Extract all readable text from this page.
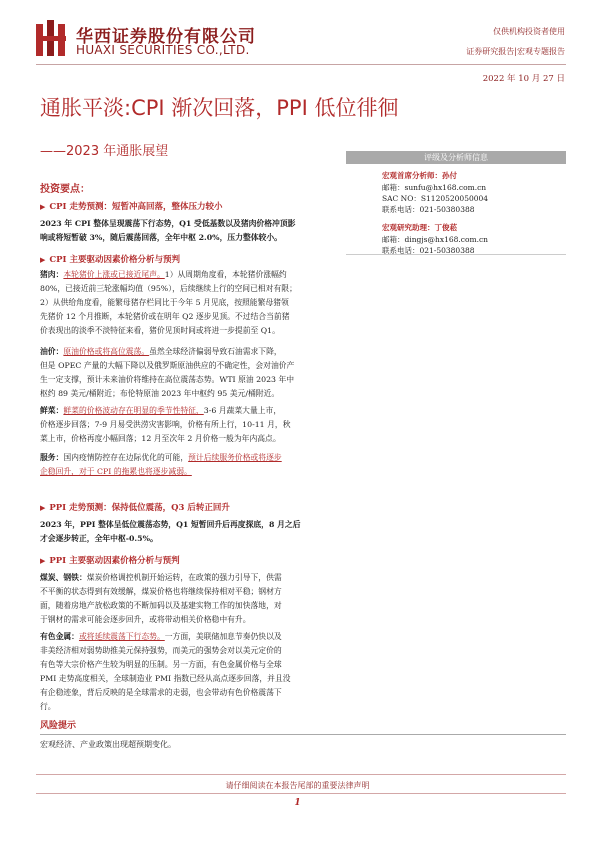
华西证券股份有限公司
HUAXI SECURITIES CO.,LTD.
仅供机构投资者使用
证券研究报告|宏观专题报告
2022 年 10 月 27 日
通胀平淡:CPI 渐次回落，PPI 低位徘徊
——2023 年通胀展望	评级及分析师信息
宏观首席分析师：孙付
邮箱：sunfu@hx168.com.cn
SAC NO：S1120520050004
联系电话：021-50380388
宏观研究助理：丁俊菘
邮箱：dingjs@hx168.com.cn
联系电话：021-50380388
投资要点：
▶ CPI 走势预测：短暂冲高回落，整体压力较小

2023 年 CPI 整体呈现震荡下行态势，Q1 受低基数以及猪肉价格冲顶影

响或将短暂破 3%，随后震荡回落，全年中枢 2.0%，压力整体较小。

▶ CPI 主要驱动因素价格分析与预判

猪肉：本轮猪价上涨或已接近尾声。1）从周期角度看，本轮猪价涨幅约

80%，已接近前三轮涨幅均值（95%），后续继续上行的空间已相对有限；

2）从供给角度看，能繁母猪存栏同比于今年 5 月见底，按照能繁母猪领

先猪价 12 个月推断，本轮猪价或在明年 Q2 逐步见顶。不过结合当前猪

价表现出的淡季不淡特征来看，猪价见顶时间或将进一步提前至 Q1。

油价：原油价格或将高位震荡。虽然全球经济偏弱导致石油需求下降，

但是 OPEC 产量的大幅下降以及俄罗斯原油供应的不确定性，会对油价产

生一定支撑，预计未来油价将维持在高位震荡态势。WTI 原油 2023 年中

枢约 89 美元/桶附近；布伦特原油 2023 年中枢约 95 美元/桶附近。

鲜菜：鲜菜的价格波动存在明显的季节性特征，3-6 月蔬菜大量上市，

价格逐步回落；7-9 月易受洪涝灾害影响，价格有所上行，10-11 月，秋

菜上市，价格再度小幅回落；12 月至次年 2 月价格一般为年内高点。

服务：国内疫情防控存在边际优化的可能，预计后续服务价格或将逐步

企稳回升，对于 CPI 的拖累也将逐步减弱。

▶ PPI 走势预测：保持低位震荡，Q3 后转正回升

2023 年，PPI 整体呈低位震荡态势，Q1 短暂回升后再度探底，8 月之后

才会逐步转正，全年中枢-0.5%。

▶ PPI 主要驱动因素价格分析与预判

煤炭、钢铁：煤炭价格调控机制开始运转，在政策的强力引导下，供需

不平衡的状态得到有效缓解，煤炭价格也将继续保持相对平稳；钢材方

面，随着房地产放松政策的不断加码以及基建实物工作的加快落地，对

于钢材的需求可能会逐步回升，或将带动相关价格稳中有升。

有色金属：或将延续震荡下行态势。一方面，美联储加息节奏仍快以及

非美经济相对弱势助推美元保持强势，而美元的强势会对以美元定价的

有色等大宗价格产生较为明显的压制。另一方面，有色金属价格与全球

PMI 走势高度相关，全球制造业 PMI 指数已经从高点逐步回落，并且没

有企稳迹象，背后反映的是全球需求的走弱，也会带动有色价格震荡下

行。

风险提示
宏观经济、产业政策出现超预期变化。
请仔细阅读在本报告尾部的重要法律声明
1
